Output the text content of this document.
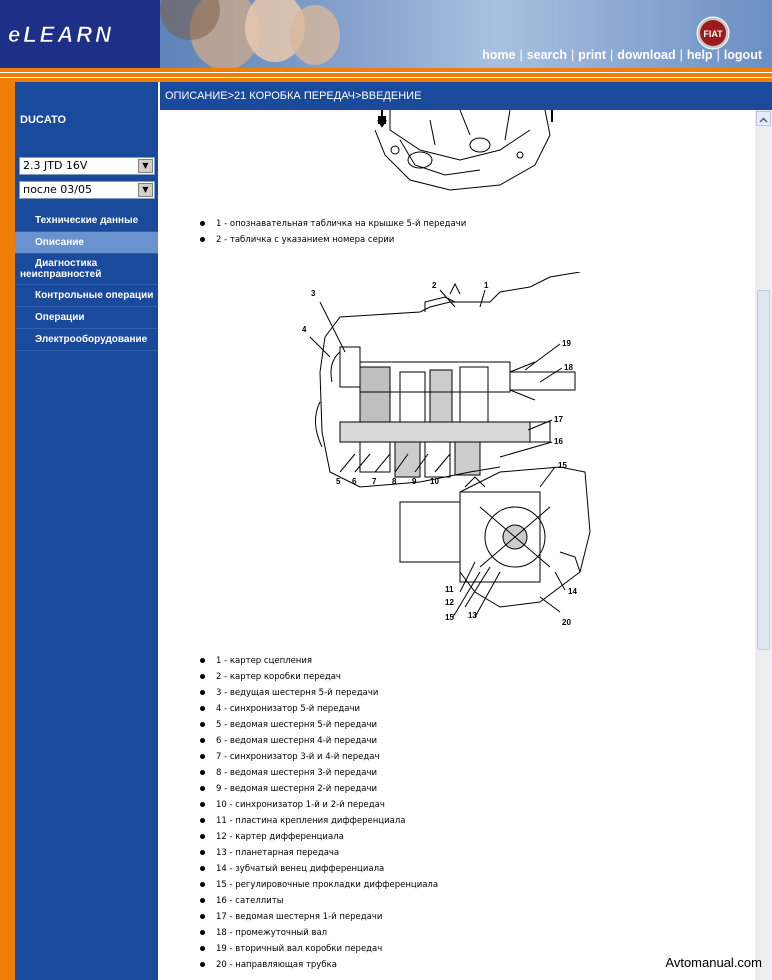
eLEARN	FIAT
home | search | print | download | help | logout
ОПИСАНИЕ>21 КОРОБКА ПЕРЕДАЧ>ВВЕДЕНИЕ
DUCATO
2.3 JTD 16V	▼
после 03/05	▼
Технические данные
Описание
Диагностика
неисправностей
Контрольные операции
Операции
Электрооборудование
1 - опознавательная табличка на крышке 5-й передачи
2 - табличка с указанием номера серии
3
4
2	1
19
18
17
16
15
5 6 7 8 9 10
11
12
13
15
14
20
1 - картер сцепления
2 - картер коробки передач
3 - ведущая шестерня 5-й передачи
4 - синхронизатор 5-й передачи
5 - ведомая шестерня 5-й передачи
6 - ведомая шестерня 4-й передачи
7 - синхронизатор 3-й и 4-й передач
8 - ведомая шестерня 3-й передачи
9 - ведомая шестерня 2-й передачи
10 - синхронизатор 1-й и 2-й передач
11 - пластина крепления дифференциала
12 - картер дифференциала
13 - планетарная передача
14 - зубчатый венец дифференциала
15 - регулировочные прокладки дифференциала
16 - сателлиты
17 - ведомая шестерня 1-й передачи
18 - промежуточный вал
19 - вторичный вал коробки передач
20 - направляющая трубка	Avtomanual.com
